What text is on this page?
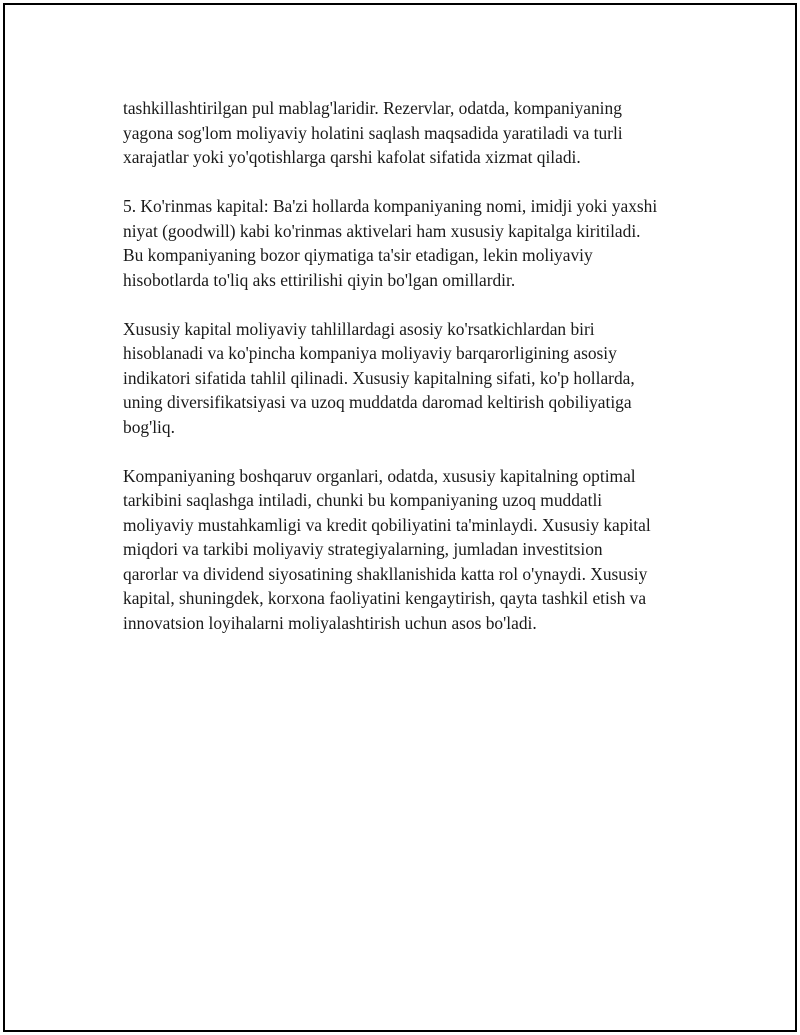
tashkillashtirilgan pul mablag'laridir. Rezervlar, odatda, kompaniyaning
yagona sog'lom moliyaviy holatini saqlash maqsadida yaratiladi va turli
xarajatlar yoki yo'qotishlarga qarshi kafolat sifatida xizmat qiladi.

5. Ko'rinmas kapital: Ba'zi hollarda kompaniyaning nomi, imidji yoki yaxshi
niyat (goodwill) kabi ko'rinmas aktivelari ham xususiy kapitalga kiritiladi.
Bu kompaniyaning bozor qiymatiga ta'sir etadigan, lekin moliyaviy
hisobotlarda to'liq aks ettirilishi qiyin bo'lgan omillardir.

Xususiy kapital moliyaviy tahlillardagi asosiy ko'rsatkichlardan biri
hisoblanadi va ko'pincha kompaniya moliyaviy barqarorligining asosiy
indikatori sifatida tahlil qilinadi. Xususiy kapitalning sifati, ko'p hollarda,
uning diversifikatsiyasi va uzoq muddatda daromad keltirish qobiliyatiga
bog'liq.

Kompaniyaning boshqaruv organlari, odatda, xususiy kapitalning optimal
tarkibini saqlashga intiladi, chunki bu kompaniyaning uzoq muddatli
moliyaviy mustahkamligi va kredit qobiliyatini ta'minlaydi. Xususiy kapital
miqdori va tarkibi moliyaviy strategiyalarning, jumladan investitsion
qarorlar va dividend siyosatining shakllanishida katta rol o'ynaydi. Xususiy
kapital, shuningdek, korxona faoliyatini kengaytirish, qayta tashkil etish va
innovatsion loyihalarni moliyalashtirish uchun asos bo'ladi.
